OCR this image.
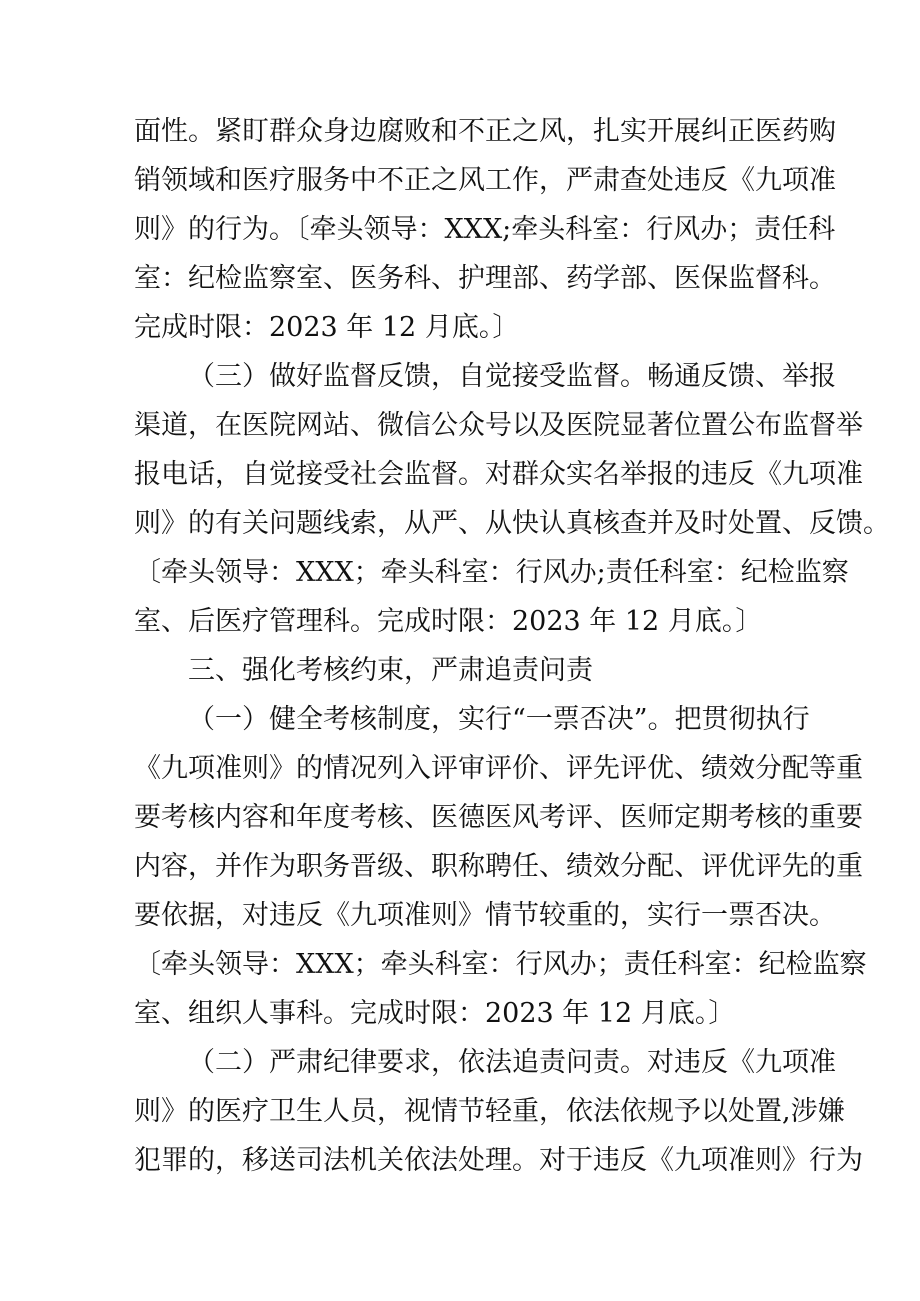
面性。紧盯群众身边腐败和不正之风，扎实开展纠正医药购
销领域和医疗服务中不正之风工作，严肃查处违反《九项准
则》的行为。〔牵头领导：XXX;牵头科室：行风办；责任科
室：纪检监察室、医务科、护理部、药学部、医保监督科。
完成时限：2023 年 12 月底。〕
（三）做好监督反馈，自觉接受监督。畅通反馈、举报
渠道，在医院网站、微信公众号以及医院显著位置公布监督举
报电话，自觉接受社会监督。对群众实名举报的违反《九项准
则》的有关问题线索，从严、从快认真核查并及时处置、反馈。
〔牵头领导：XXX；牵头科室：行风办;责任科室：纪检监察
室、后医疗管理科。完成时限：2023 年 12 月底。〕
三、强化考核约束，严肃追责问责
（一）健全考核制度，实行“一票否决”。把贯彻执行
《九项准则》的情况列入评审评价、评先评优、绩效分配等重
要考核内容和年度考核、医德医风考评、医师定期考核的重要
内容，并作为职务晋级、职称聘任、绩效分配、评优评先的重
要依据，对违反《九项准则》情节较重的，实行一票否决。
〔牵头领导：XXX；牵头科室：行风办；责任科室：纪检监察
室、组织人事科。完成时限：2023 年 12 月底。〕
（二）严肃纪律要求，依法追责问责。对违反《九项准
则》的医疗卫生人员，视情节轻重，依法依规予以处置,涉嫌
犯罪的，移送司法机关依法处理。对于违反《九项准则》行为
